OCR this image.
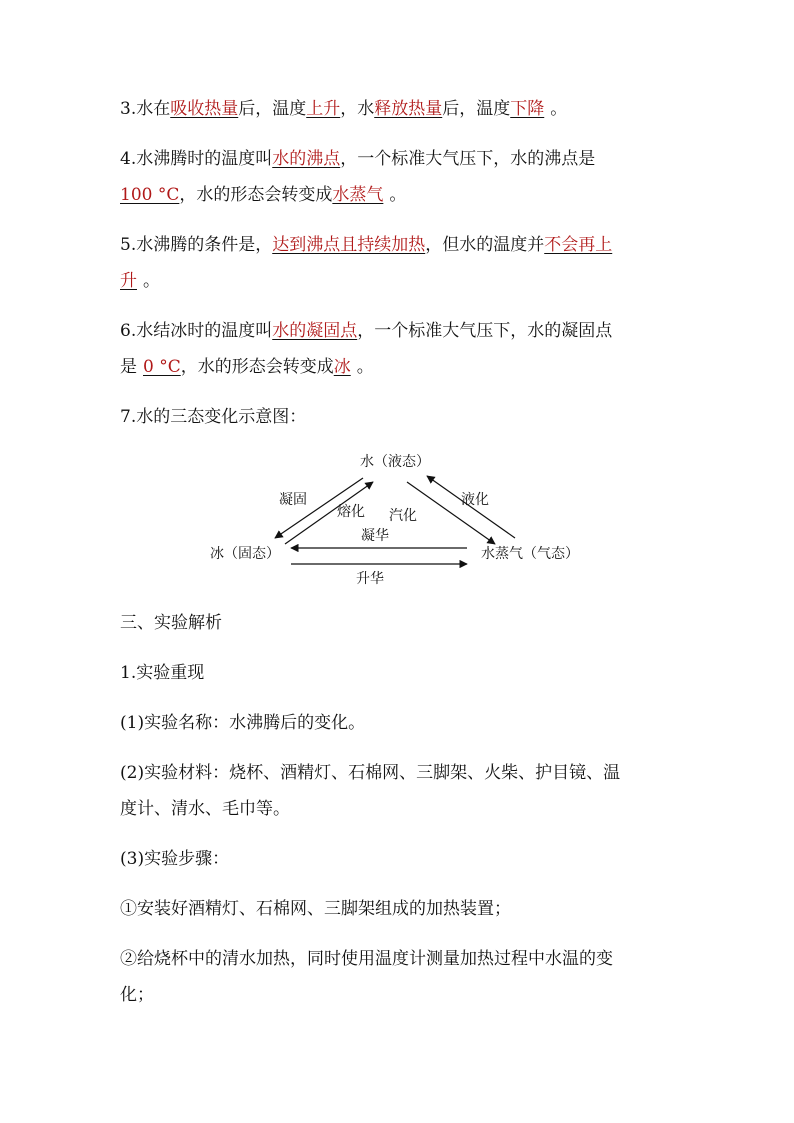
3.水在吸收热量后，温度上升，水释放热量后，温度下降 。
4.水沸腾时的温度叫水的沸点，一个标准大气压下，水的沸点是
100 °C，水的形态会转变成水蒸气 。
5.水沸腾的条件是，达到沸点且持续加热，但水的温度并不会再上
升 。
6.水结冰时的温度叫水的凝固点，一个标准大气压下，水的凝固点
是 0 °C，水的形态会转变成冰 。
7.水的三态变化示意图：
水（液态）
冰（固态）	水蒸气（气态）
凝固
熔化 汽化
液化
凝华
升华
三、实验解析
1.实验重现
(1)实验名称：水沸腾后的变化。
(2)实验材料：烧杯、酒精灯、石棉网、三脚架、火柴、护目镜、温
度计、清水、毛巾等。
(3)实验步骤：
①安装好酒精灯、石棉网、三脚架组成的加热装置；
②给烧杯中的清水加热，同时使用温度计测量加热过程中水温的变
化；
